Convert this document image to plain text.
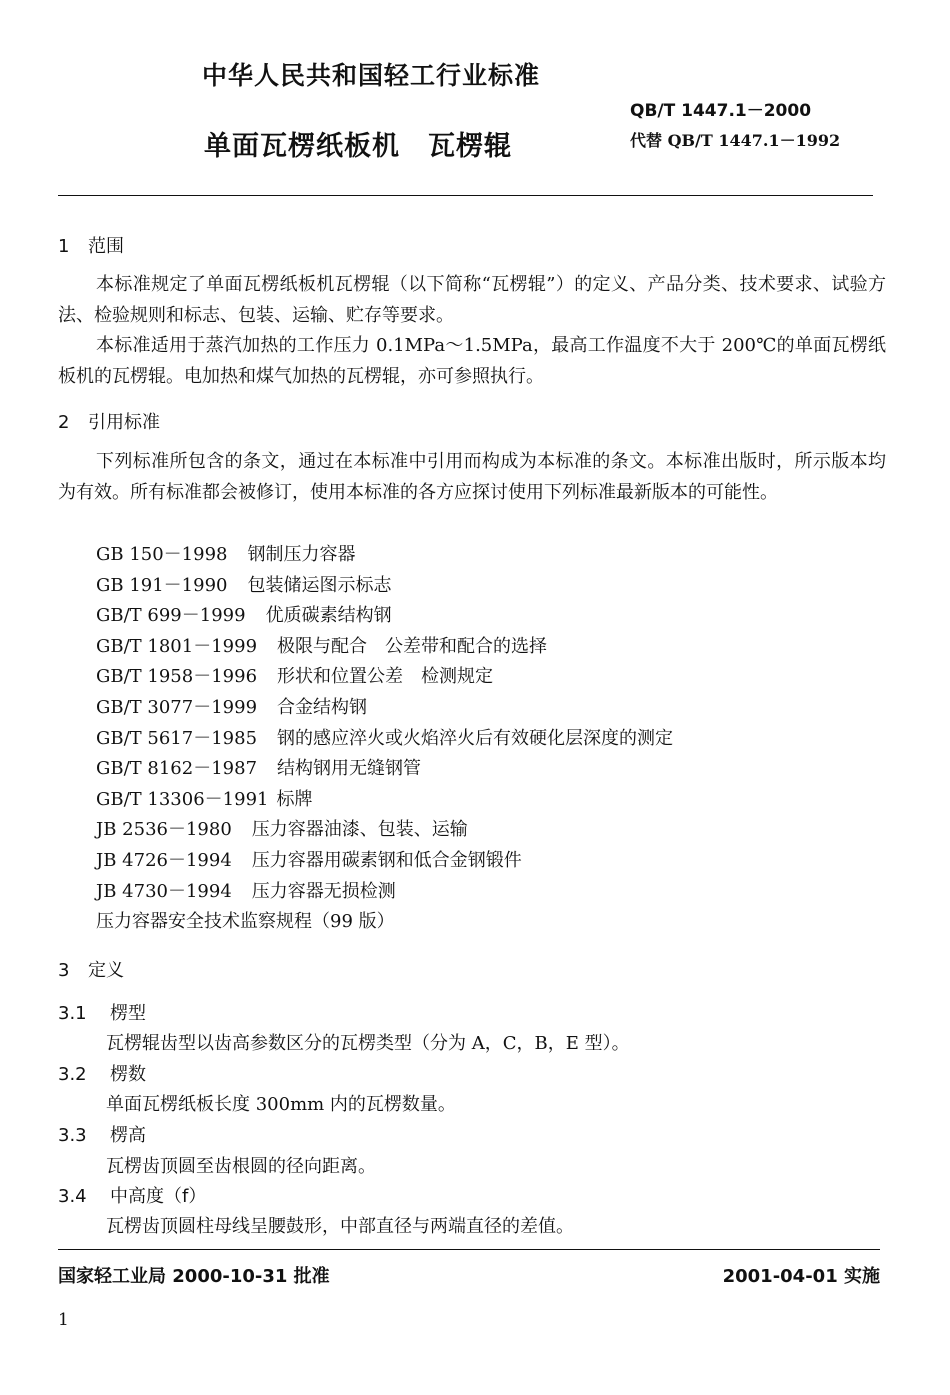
中华人民共和国轻工行业标准
QB/T 1447.1－2000
单面瓦楞纸板机　瓦楞辊	代替 QB/T 1447.1－1992
1 范围
本标准规定了单面瓦楞纸板机瓦楞辊（以下简称“瓦楞辊”）的定义、产品分类、技术要求、试验方法、检验规则和标志、包装、运输、贮存等要求。
本标准适用于蒸汽加热的工作压力 0.1MPa～1.5MPa，最高工作温度不大于 200℃的单面瓦楞纸板机的瓦楞辊。电加热和煤气加热的瓦楞辊，亦可参照执行。
2 引用标准
下列标准所包含的条文，通过在本标准中引用而构成为本标准的条文。本标准出版时，所示版本均为有效。所有标准都会被修订，使用本标准的各方应探讨使用下列标准最新版本的可能性。
GB 150－1998 钢制压力容器
GB 191－1990 包装储运图示标志
GB/T 699－1999 优质碳素结构钢
GB/T 1801－1999 极限与配合　公差带和配合的选择
GB/T 1958－1996 形状和位置公差　检测规定
GB/T 3077－1999 合金结构钢
GB/T 5617－1985 钢的感应淬火或火焰淬火后有效硬化层深度的测定
GB/T 8162－1987 结构钢用无缝钢管
GB/T 13306－1991 标牌
JB 2536－1980 压力容器油漆、包装、运输
JB 4726－1994 压力容器用碳素钢和低合金钢锻件
JB 4730－1994 压力容器无损检测
压力容器安全技术监察规程（99 版）
3 定义
3.1 楞型
瓦楞辊齿型以齿高参数区分的瓦楞类型（分为 A，C，B，E 型）。
3.2 楞数
单面瓦楞纸板长度 300mm 内的瓦楞数量。
3.3 楞高
瓦楞齿顶圆至齿根圆的径向距离。
3.4 中高度（f）
瓦楞齿顶圆柱母线呈腰鼓形，中部直径与两端直径的差值。
国家轻工业局 2000-10-31 批准	2001-04-01 实施
1
